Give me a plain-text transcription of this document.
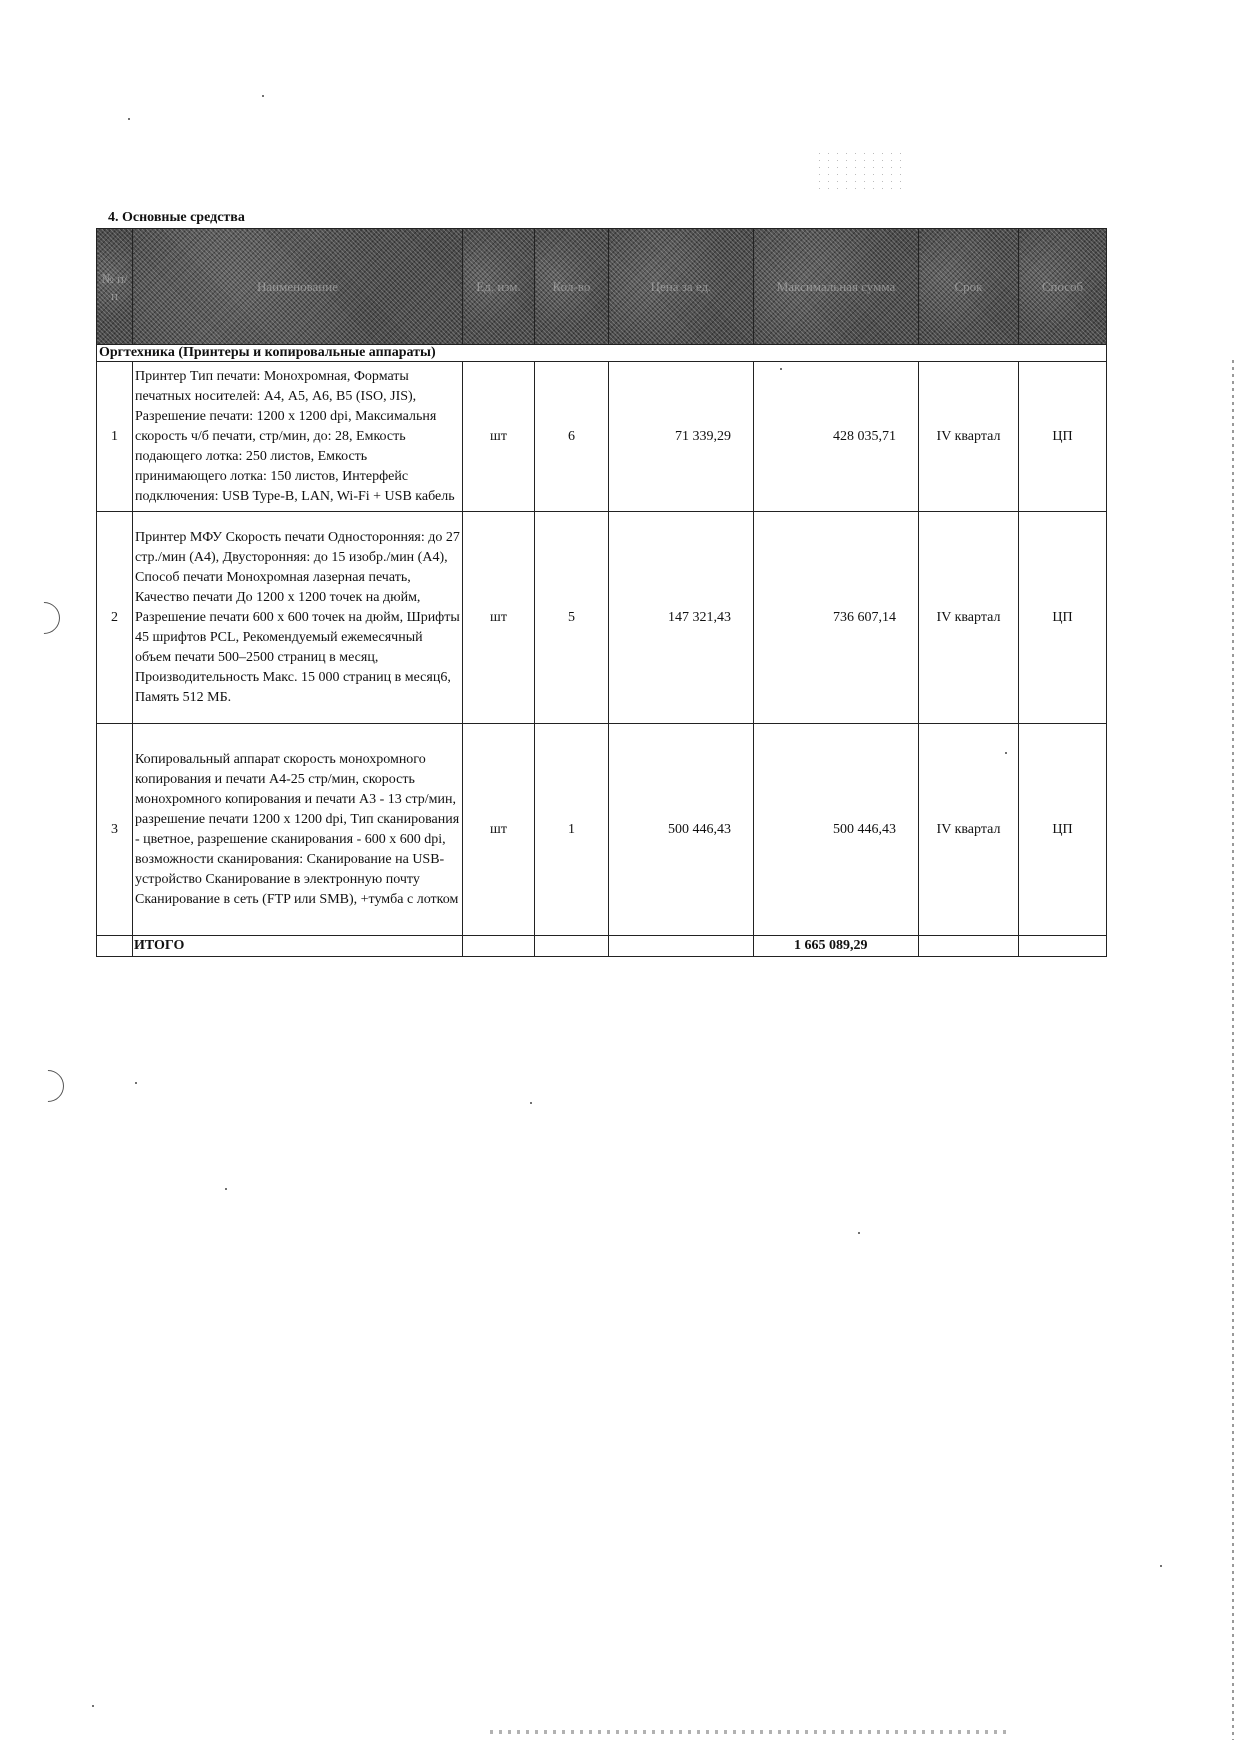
4. Основные средства
№ п/п	Наименование	Ед. изм.	Кол-во	Цена за ед.	Максимальная сумма	Срок	Способ

Оргтехника (Принтеры и копировальные аппараты)							
1	Принтер Тип печати: Монохромная, Форматы печатных носителей: А4, А5, А6, В5 (ISO, JIS), Разрешение печати: 1200 х 1200 dpi, Максимальня скорость ч/б печати, стр/мин, до: 28, Емкость подающего лотка: 250 листов, Емкость принимающего лотка: 150 листов, Интерфейс подключения: USB Type-B, LAN, Wi-Fi + USB кабель	шт	6	71 339,29	428 035,71	IV квартал	ЦП
2	Принтер МФУ Скорость печати Односторонняя: до 27 стр./мин (А4), Двусторонняя: до 15 изобр./мин (А4), Способ печати Монохромная лазерная печать, Качество печати До 1200 х 1200 точек на дюйм, Разрешение печати 600 х 600 точек на дюйм, Шрифты 45 шрифтов PCL, Рекомендуемый ежемесячный объем печати 500–2500 страниц в месяц, Производительность Макс. 15 000 страниц в месяц6, Память 512 МБ.	шт	5	147 321,43	736 607,14	IV квартал	ЦП
3	Копировальный аппарат скорость монохромного копирования и печати А4-25 стр/мин, скорость монохромного копирования и печати А3 - 13 стр/мин, разрешение печати 1200 х 1200 dpi, Тип сканирования - цветное, разрешение сканирования - 600 х 600 dpi, возможности сканирования: Сканирование на USB-устройство Сканирование в электронную почту Сканирование в сеть (FTP или SMB), +тумба с лотком	шт	1	500 446,43	500 446,43	IV квартал	ЦП
	ИТОГО				1 665 089,29		
